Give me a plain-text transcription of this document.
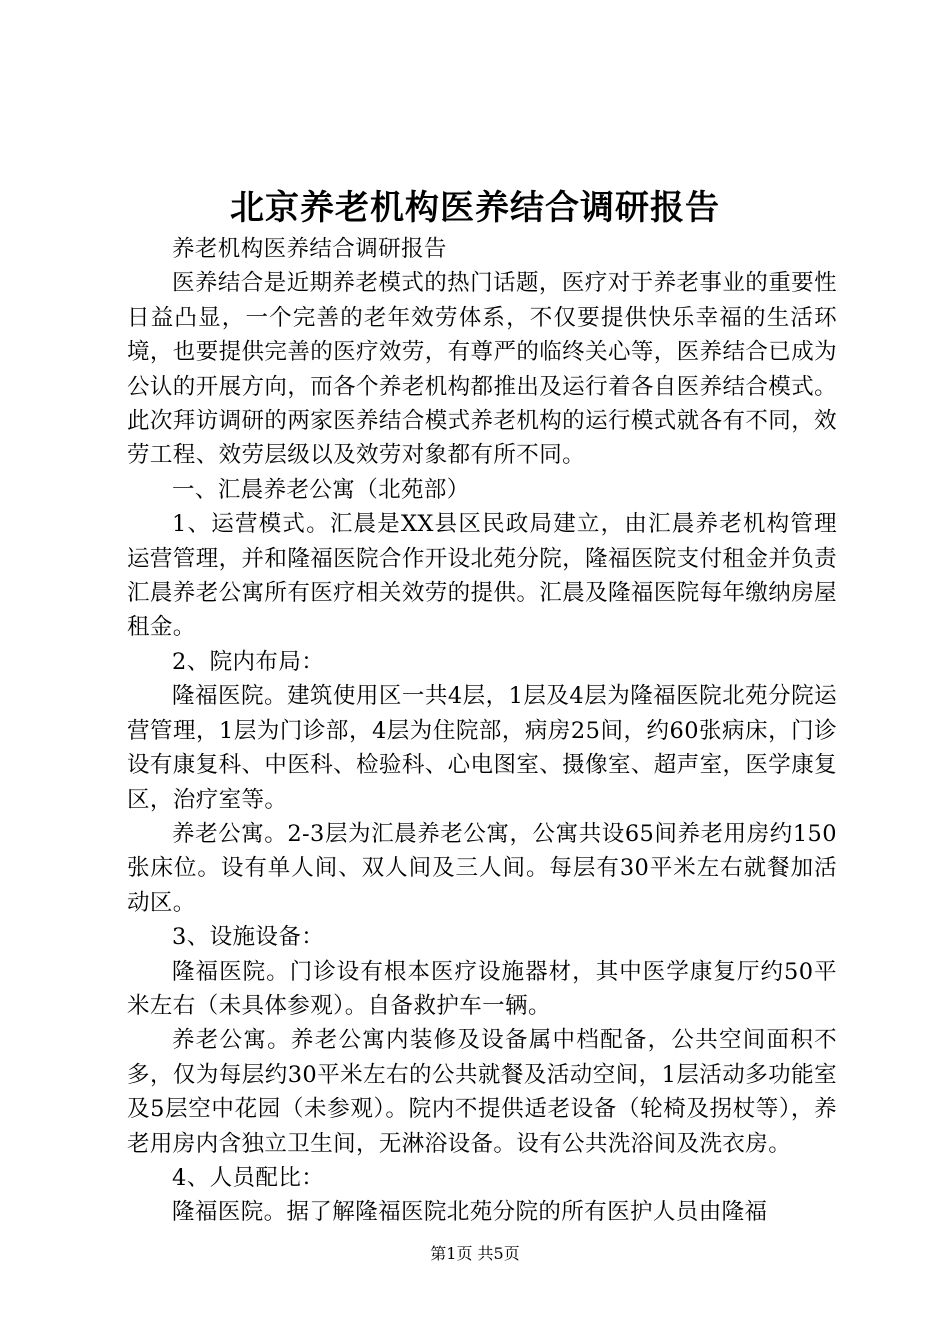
北京养老机构医养结合调研报告

养老机构医养结合调研报告

医养结合是近期养老模式的热门话题，医疗对于养老事业的重要性日益凸显，一个完善的老年效劳体系，不仅要提供快乐幸福的生活环境，也要提供完善的医疗效劳，有尊严的临终关心等，医养结合已成为公认的开展方向，而各个养老机构都推出及运行着各自医养结合模式。此次拜访调研的两家医养结合模式养老机构的运行模式就各有不同，效劳工程、效劳层级以及效劳对象都有所不同。

一、汇晨养老公寓（北苑部）

1、运营模式。汇晨是XX县区民政局建立，由汇晨养老机构管理运营管理，并和隆福医院合作开设北苑分院，隆福医院支付租金并负责汇晨养老公寓所有医疗相关效劳的提供。汇晨及隆福医院每年缴纳房屋租金。

2、院内布局：

隆福医院。建筑使用区一共4层，1层及4层为隆福医院北苑分院运营管理，1层为门诊部，4层为住院部，病房25间，约60张病床，门诊设有康复科、中医科、检验科、心电图室、摄像室、超声室，医学康复区，治疗室等。

养老公寓。2-3层为汇晨养老公寓，公寓共设65间养老用房约150张床位。设有单人间、双人间及三人间。每层有30平米左右就餐加活动区。

3、设施设备：

隆福医院。门诊设有根本医疗设施器材，其中医学康复厅约50平米左右（未具体参观）。自备救护车一辆。

养老公寓。养老公寓内装修及设备属中档配备，公共空间面积不多，仅为每层约30平米左右的公共就餐及活动空间，1层活动多功能室及5层空中花园（未参观）。院内不提供适老设备（轮椅及拐杖等），养老用房内含独立卫生间，无淋浴设备。设有公共洗浴间及洗衣房。

4、人员配比：

隆福医院。据了解隆福医院北苑分院的所有医护人员由隆福

第1页 共5页
